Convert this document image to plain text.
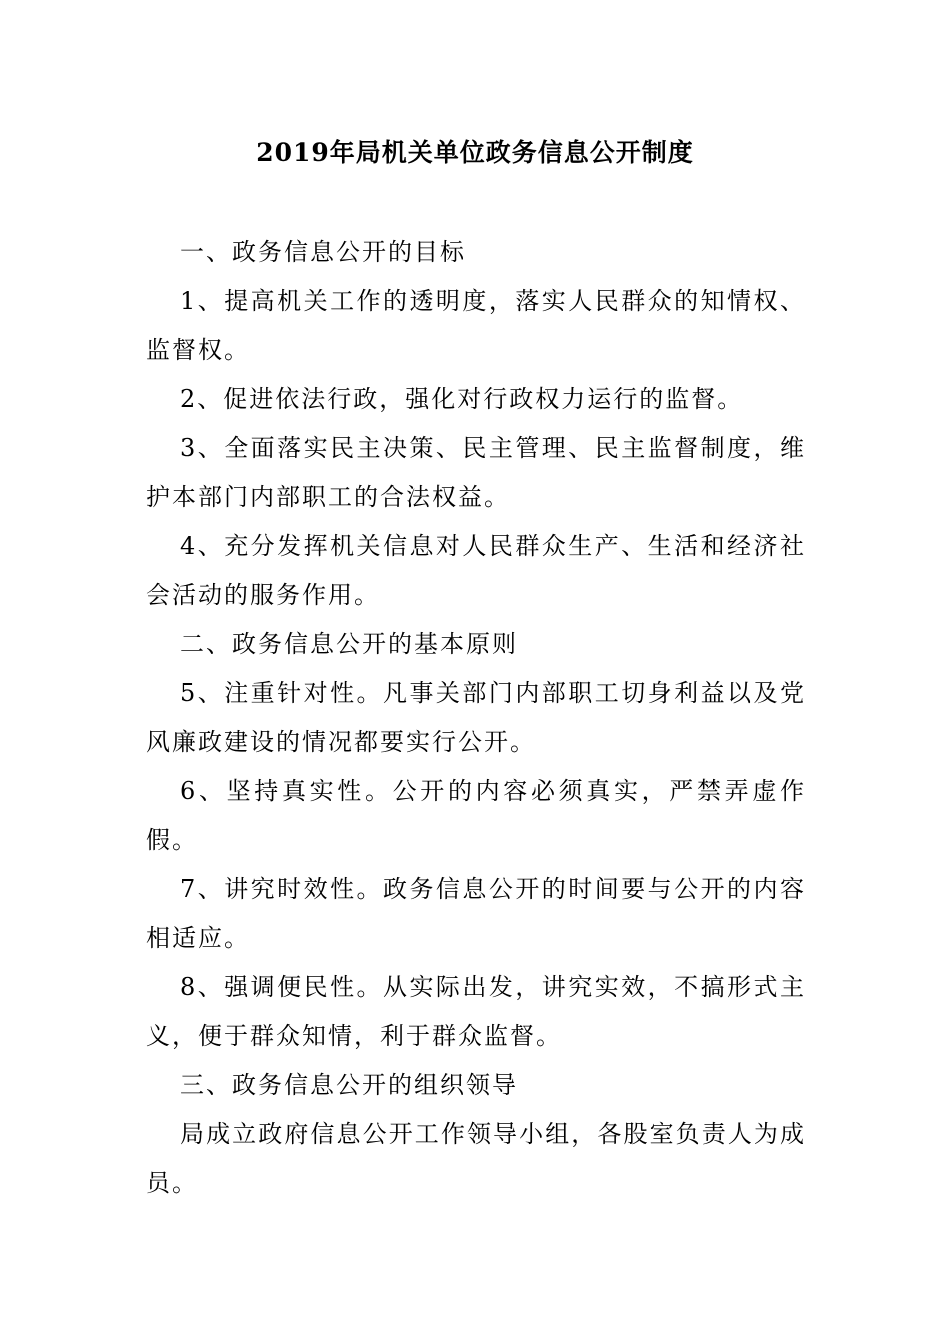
2019年局机关单位政务信息公开制度

一、政务信息公开的目标

1、提高机关工作的透明度，落实人民群众的知情权、监督权。

2、促进依法行政，强化对行政权力运行的监督。

3、全面落实民主决策、民主管理、民主监督制度，维护本部门内部职工的合法权益。

4、充分发挥机关信息对人民群众生产、生活和经济社会活动的服务作用。

二、政务信息公开的基本原则

5、注重针对性。凡事关部门内部职工切身利益以及党风廉政建设的情况都要实行公开。

6、坚持真实性。公开的内容必须真实，严禁弄虚作假。

7、讲究时效性。政务信息公开的时间要与公开的内容相适应。

8、强调便民性。从实际出发，讲究实效，不搞形式主义，便于群众知情，利于群众监督。

三、政务信息公开的组织领导

局成立政府信息公开工作领导小组，各股室负责人为成员。
